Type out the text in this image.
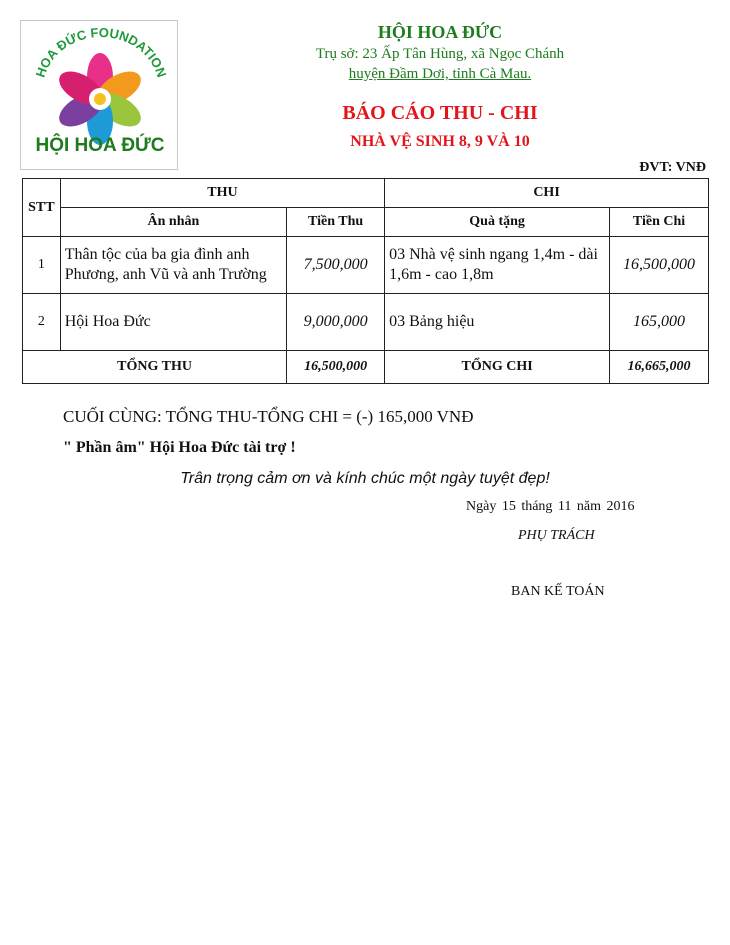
HOA ĐỨC FOUNDATION
HỘI HOA ĐỨC
HỘI HOA ĐỨC
Trụ sở: 23 Ấp Tân Hùng, xã Ngọc Chánh
huyện Đầm Dơi, tỉnh Cà Mau.
BÁO CÁO THU - CHI
NHÀ VỆ SINH 8, 9 VÀ 10
ĐVT: VNĐ
STT	THU		CHI	
	Ân nhân	Tiền Thu	Quà tặng	Tiền Chi
1	Thân tộc của ba gia đình anh Phương, anh Vũ và anh Trường	7,500,000	03 Nhà vệ sinh ngang 1,4m - dài 1,6m - cao 1,8m	16,500,000
2	Hội Hoa Đức	9,000,000	03 Bảng hiệu	165,000
TỔNG THU		16,500,000	TỔNG CHI	16,665,000
CUỐI CÙNG: TỔNG THU-TỔNG CHI = (-) 165,000 VNĐ
" Phần âm" Hội Hoa Đức tài trợ !
Trân trọng cảm ơn và kính chúc một ngày tuyệt đẹp!
Ngày 15 tháng 11 năm 2016
PHỤ TRÁCH
BAN KẾ TOÁN
